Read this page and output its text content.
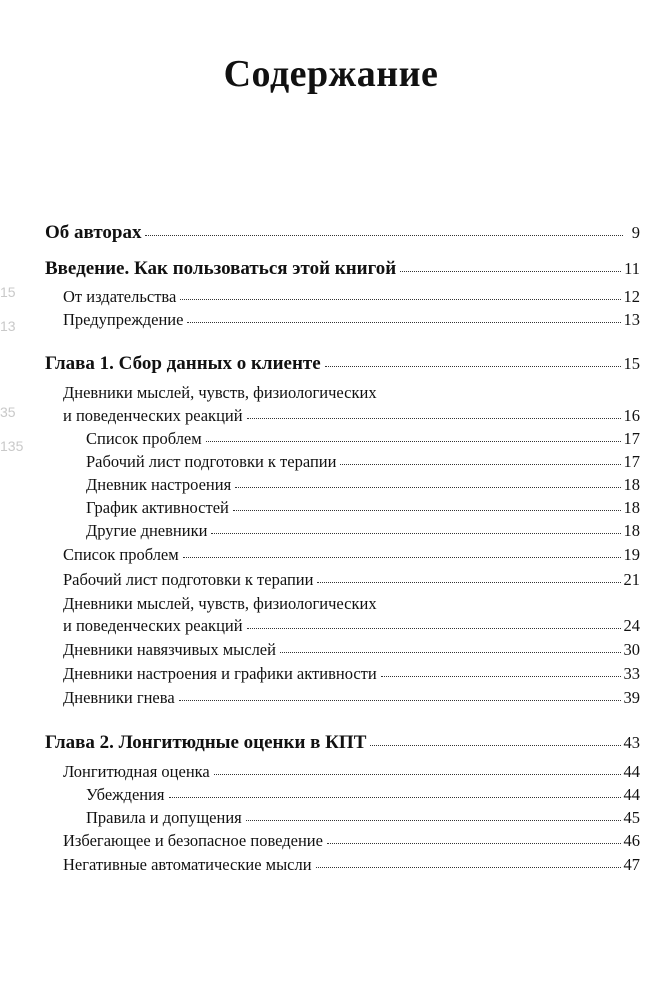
Содержание
15
13
35
135
Об авторах	9
Введение. Как пользоваться этой книгой	11
От издательства	12
Предупреждение	13
Глава 1. Сбор данных о клиенте	15
Дневники мыслей, чувств, физиологических
и поведенческих реакций	16
Список проблем	17
Рабочий лист подготовки к терапии	17
Дневник настроения	18
График активностей	18
Другие дневники	18
Список проблем	19
Рабочий лист подготовки к терапии	21
Дневники мыслей, чувств, физиологических
и поведенческих реакций	24
Дневники навязчивых мыслей	30
Дневники настроения и графики активности	33
Дневники гнева	39
Глава 2. Лонгитюдные оценки в КПТ	43
Лонгитюдная оценка	44
Убеждения	44
Правила и допущения	45
Избегающее и безопасное поведение	46
Негативные автоматические мысли	47
